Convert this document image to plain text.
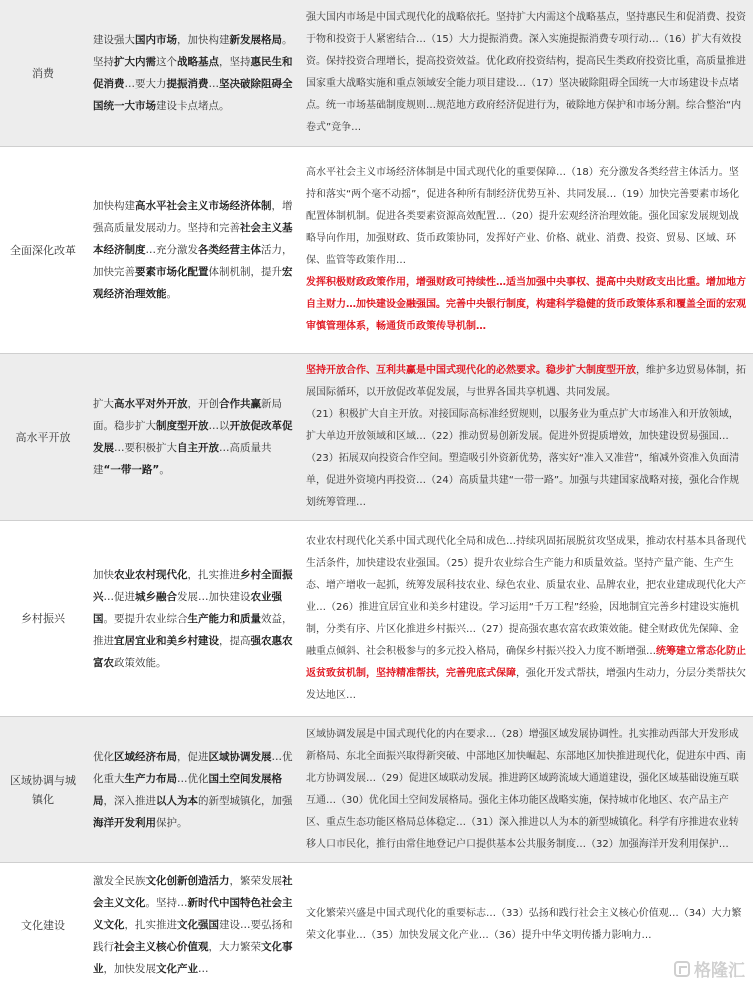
消费
建设强大国内市场，加快构建新发展格局。坚持扩大内需这个战略基点，坚持惠民生和促消费…要大力提振消费…坚决破除阻碍全国统一大市场建设卡点堵点。

强大国内市场是中国式现代化的战略依托。坚持扩大内需这个战略基点，坚持惠民生和促消费、投资于物和投资于人紧密结合…（15）大力提振消费。深入实施提振消费专项行动…（16）扩大有效投资。保持投资合理增长，提高投资效益。优化政府投资结构，提高民生类政府投资比重，高质量推进国家重大战略实施和重点领域安全能力项目建设…（17）坚决破除阻碍全国统一大市场建设卡点堵点。统一市场基础制度规则…规范地方政府经济促进行为，破除地方保护和市场分割。综合整治“内卷式”竞争…

全面深化改革
加快构建高水平社会主义市场经济体制，增强高质量发展动力。坚持和完善社会主义基本经济制度…充分激发各类经营主体活力，加快完善要素市场化配置体制机制，提升宏观经济治理效能。

高水平社会主义市场经济体制是中国式现代化的重要保障…（18）充分激发各类经营主体活力。坚持和落实“两个毫不动摇”，促进各种所有制经济优势互补、共同发展…（19）加快完善要素市场化配置体制机制。促进各类要素资源高效配置…（20）提升宏观经济治理效能。强化国家发展规划战略导向作用，加强财政、货币政策协同，发挥好产业、价格、就业、消费、投资、贸易、区域、环保、监管等政策作用…

发挥积极财政政策作用，增强财政可持续性…适当加强中央事权、提高中央财政支出比重。增加地方自主财力…加快建设金融强国。完善中央银行制度，构建科学稳健的货币政策体系和覆盖全面的宏观审慎管理体系，畅通货币政策传导机制…

高水平开放
扩大高水平对外开放，开创合作共赢新局面。稳步扩大制度型开放…以开放促改革促发展…要积极扩大自主开放…高质量共建“一带一路”。

坚持开放合作、互利共赢是中国式现代化的必然要求。稳步扩大制度型开放，维护多边贸易体制，拓展国际循环，以开放促改革促发展，与世界各国共享机遇、共同发展。

（21）积极扩大自主开放。对接国际高标准经贸规则，以服务业为重点扩大市场准入和开放领域，扩大单边开放领域和区域…（22）推动贸易创新发展。促进外贸提质增效，加快建设贸易强国…（23）拓展双向投资合作空间。塑造吸引外资新优势，落实好“准入又准营”，缩减外资准入负面清单，促进外资境内再投资…（24）高质量共建“一带一路”。加强与共建国家战略对接，强化合作规划统筹管理…

乡村振兴
加快农业农村现代化，扎实推进乡村全面振兴…促进城乡融合发展…加快建设农业强国。要提升农业综合生产能力和质量效益，推进宜居宜业和美乡村建设，提高强农惠农富农政策效能。

农业农村现代化关系中国式现代化全局和成色…持续巩固拓展脱贫攻坚成果，推动农村基本具备现代生活条件，加快建设农业强国。（25）提升农业综合生产能力和质量效益。坚持产量产能、生产生态、增产增收一起抓，统筹发展科技农业、绿色农业、质量农业、品牌农业，把农业建成现代化大产业…（26）推进宜居宜业和美乡村建设。学习运用“千万工程”经验，因地制宜完善乡村建设实施机制，分类有序、片区化推进乡村振兴…（27）提高强农惠农富农政策效能。健全财政优先保障、金融重点倾斜、社会积极参与的多元投入格局，确保乡村振兴投入力度不断增强…统筹建立常态化防止返贫致贫机制，坚持精准帮扶，完善兜底式保障，强化开发式帮扶，增强内生动力，分层分类帮扶欠发达地区…

区域协调与城镇化
优化区域经济布局，促进区域协调发展…优化重大生产力布局…优化国土空间发展格局，深入推进以人为本的新型城镇化，加强海洋开发利用保护。

区域协调发展是中国式现代化的内在要求…（28）增强区域发展协调性。扎实推动西部大开发形成新格局、东北全面振兴取得新突破、中部地区加快崛起、东部地区加快推进现代化，促进东中西、南北方协调发展…（29）促进区域联动发展。推进跨区域跨流域大通道建设，强化区域基础设施互联互通…（30）优化国土空间发展格局。强化主体功能区战略实施，保持城市化地区、农产品主产区、重点生态功能区格局总体稳定…（31）深入推进以人为本的新型城镇化。科学有序推进农业转移人口市民化，推行由常住地登记户口提供基本公共服务制度…（32）加强海洋开发利用保护…

文化建设
激发全民族文化创新创造活力，繁荣发展社会主义文化。坚持…新时代中国特色社会主义文化，扎实推进文化强国建设…要弘扬和践行社会主义核心价值观，大力繁荣文化事业，加快发展文化产业…

文化繁荣兴盛是中国式现代化的重要标志…（33）弘扬和践行社会主义核心价值观…（34）大力繁荣文化事业…（35）加快发展文化产业…（36）提升中华文明传播力影响力…

格隆汇
